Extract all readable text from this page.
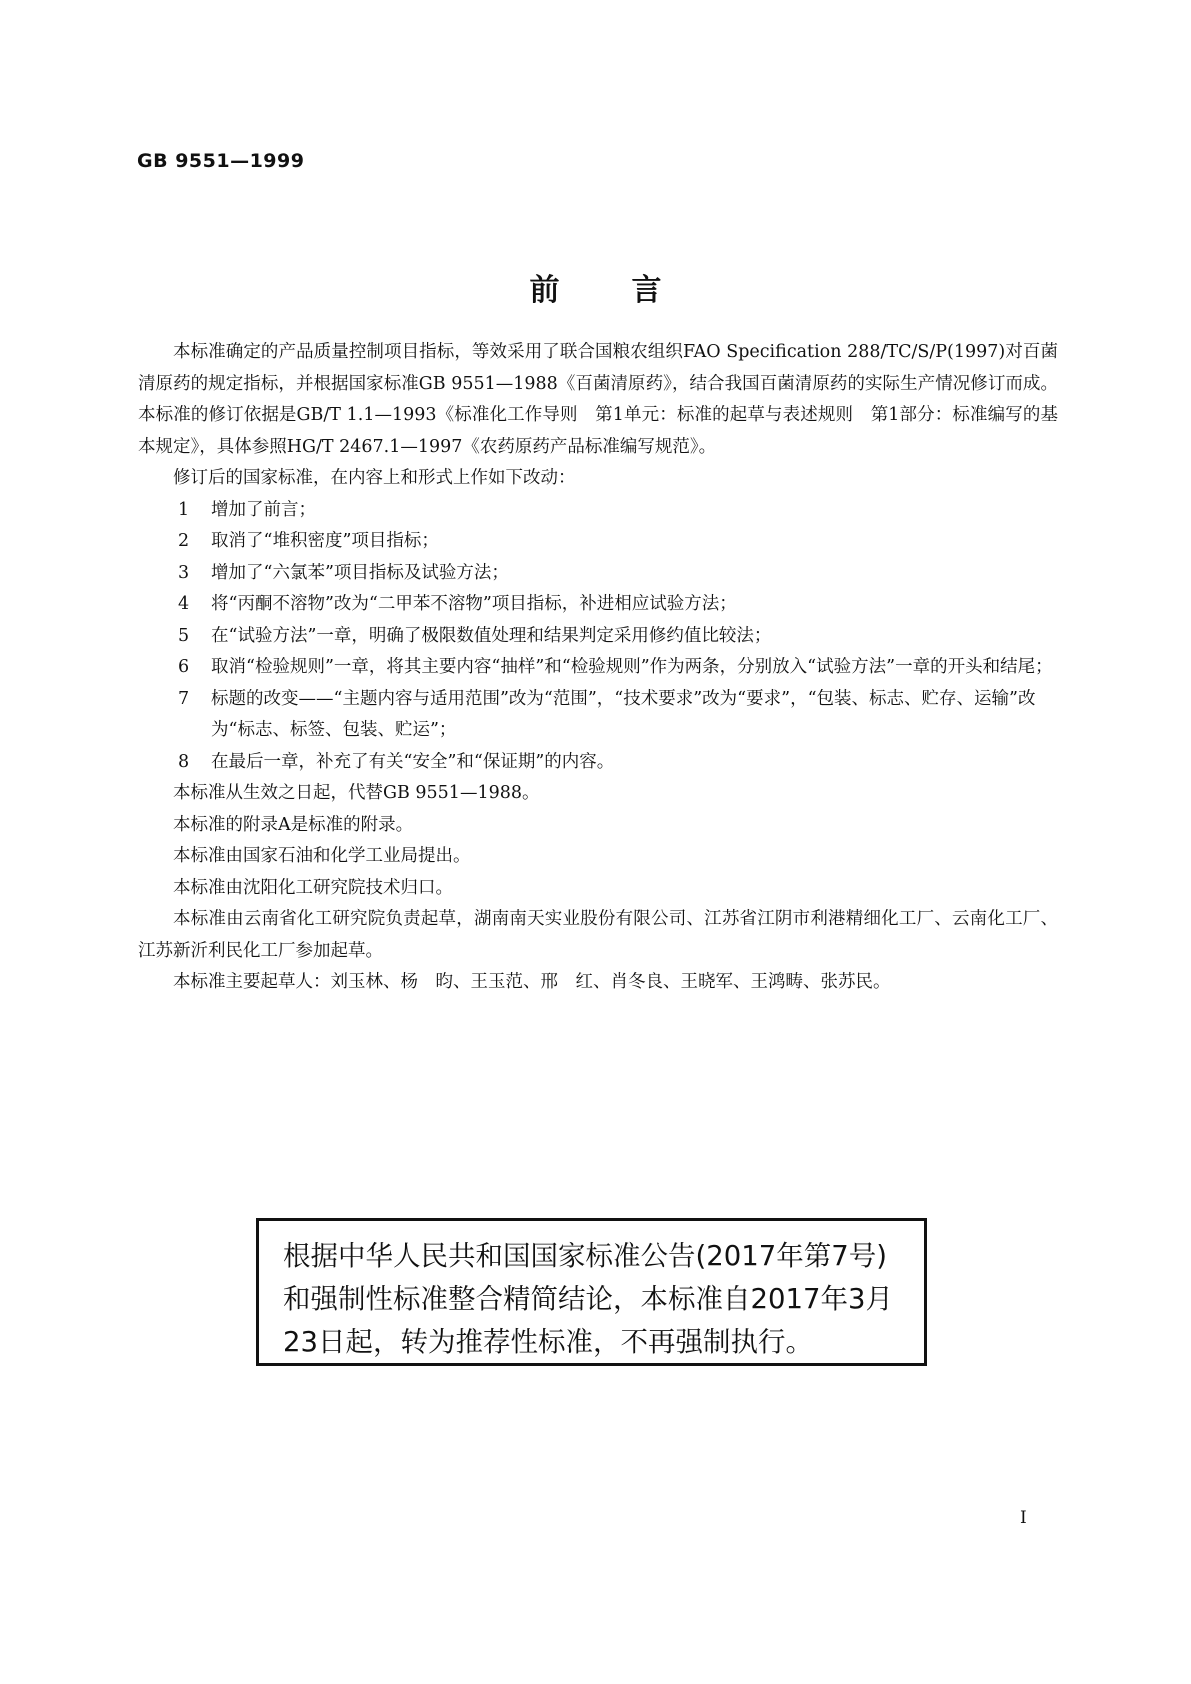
GB 9551—1999
前 言

本标准确定的产品质量控制项目指标，等效采用了联合国粮农组织FAO Specification 288/TC/S/P(1997)对百菌清原药的规定指标，并根据国家标准GB 9551—1988《百菌清原药》，结合我国百菌清原药的实际生产情况修订而成。本标准的修订依据是GB/T 1.1—1993《标准化工作导则　第1单元：标准的起草与表述规则　第1部分：标准编写的基本规定》，具体参照HG/T 2467.1—1997《农药原药产品标准编写规范》。

修订后的国家标准，在内容上和形式上作如下改动：

1	增加了前言；
2	取消了“堆积密度”项目指标；
3	增加了“六氯苯”项目指标及试验方法；
4	将“丙酮不溶物”改为“二甲苯不溶物”项目指标，补进相应试验方法；
5	在“试验方法”一章，明确了极限数值处理和结果判定采用修约值比较法；
6	取消“检验规则”一章，将其主要内容“抽样”和“检验规则”作为两条，分别放入“试验方法”一章的开头和结尾；
7	标题的改变——“主题内容与适用范围”改为“范围”，“技术要求”改为“要求”，“包装、标志、贮存、运输”改为“标志、标签、包装、贮运”；
8	在最后一章，补充了有关“安全”和“保证期”的内容。

本标准从生效之日起，代替GB 9551—1988。

本标准的附录A是标准的附录。

本标准由国家石油和化学工业局提出。

本标准由沈阳化工研究院技术归口。

本标准由云南省化工研究院负责起草，湖南南天实业股份有限公司、江苏省江阴市利港精细化工厂、云南化工厂、江苏新沂利民化工厂参加起草。

本标准主要起草人：刘玉林、杨　昀、王玉范、邢　红、肖冬良、王晓军、王鸿畴、张苏民。

根据中华人民共和国国家标准公告(2017年第7号)和强制性标准整合精简结论，本标准自2017年3月23日起，转为推荐性标准，不再强制执行。
I
